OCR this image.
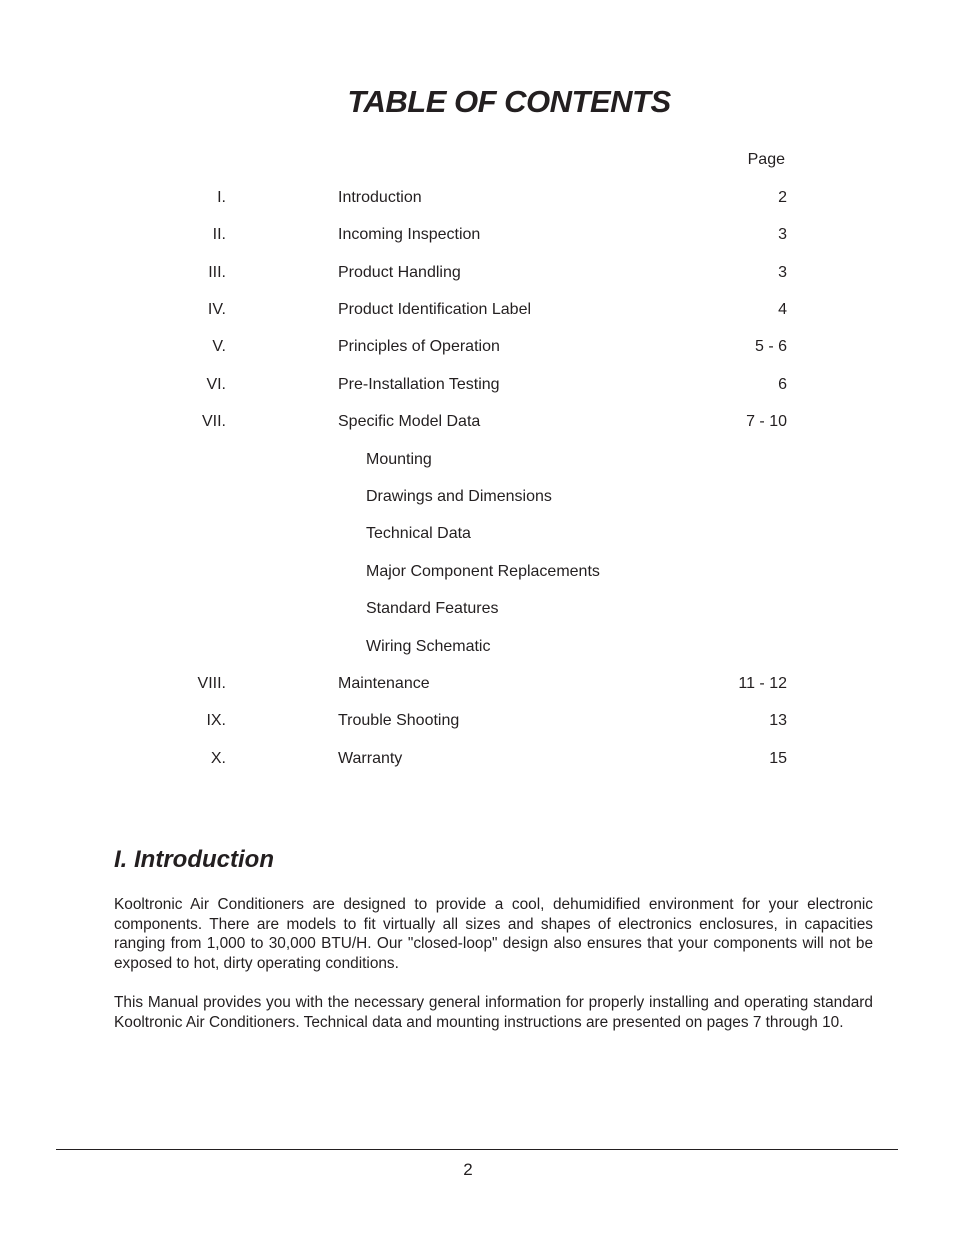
TABLE OF CONTENTS
Page
I.	Introduction	2
II.	Incoming Inspection	3
III.	Product Handling	3
IV.	Product Identification Label	4
V.	Principles of Operation	5 - 6
VI.	Pre-Installation Testing	6
VII.	Specific Model Data	7 - 10
Mounting
Drawings and Dimensions
Technical Data
Major Component Replacements
Standard Features
Wiring Schematic
VIII.	Maintenance	11 - 12
IX.	Trouble Shooting	13
X.	Warranty	15
I. Introduction

Kooltronic Air Conditioners are designed to provide a cool, dehumidified environment for your electronic components. There are models to fit virtually all sizes and shapes of electronics enclosures, in capacities ranging from 1,000 to 30,000 BTU/H. Our "closed-loop" design also ensures that your components will not be exposed to hot, dirty operating conditions.

This Manual provides you with the necessary general information for properly installing and operating standard Kooltronic Air Conditioners. Technical data and mounting instructions are presented on pages 7 through 10.

2
